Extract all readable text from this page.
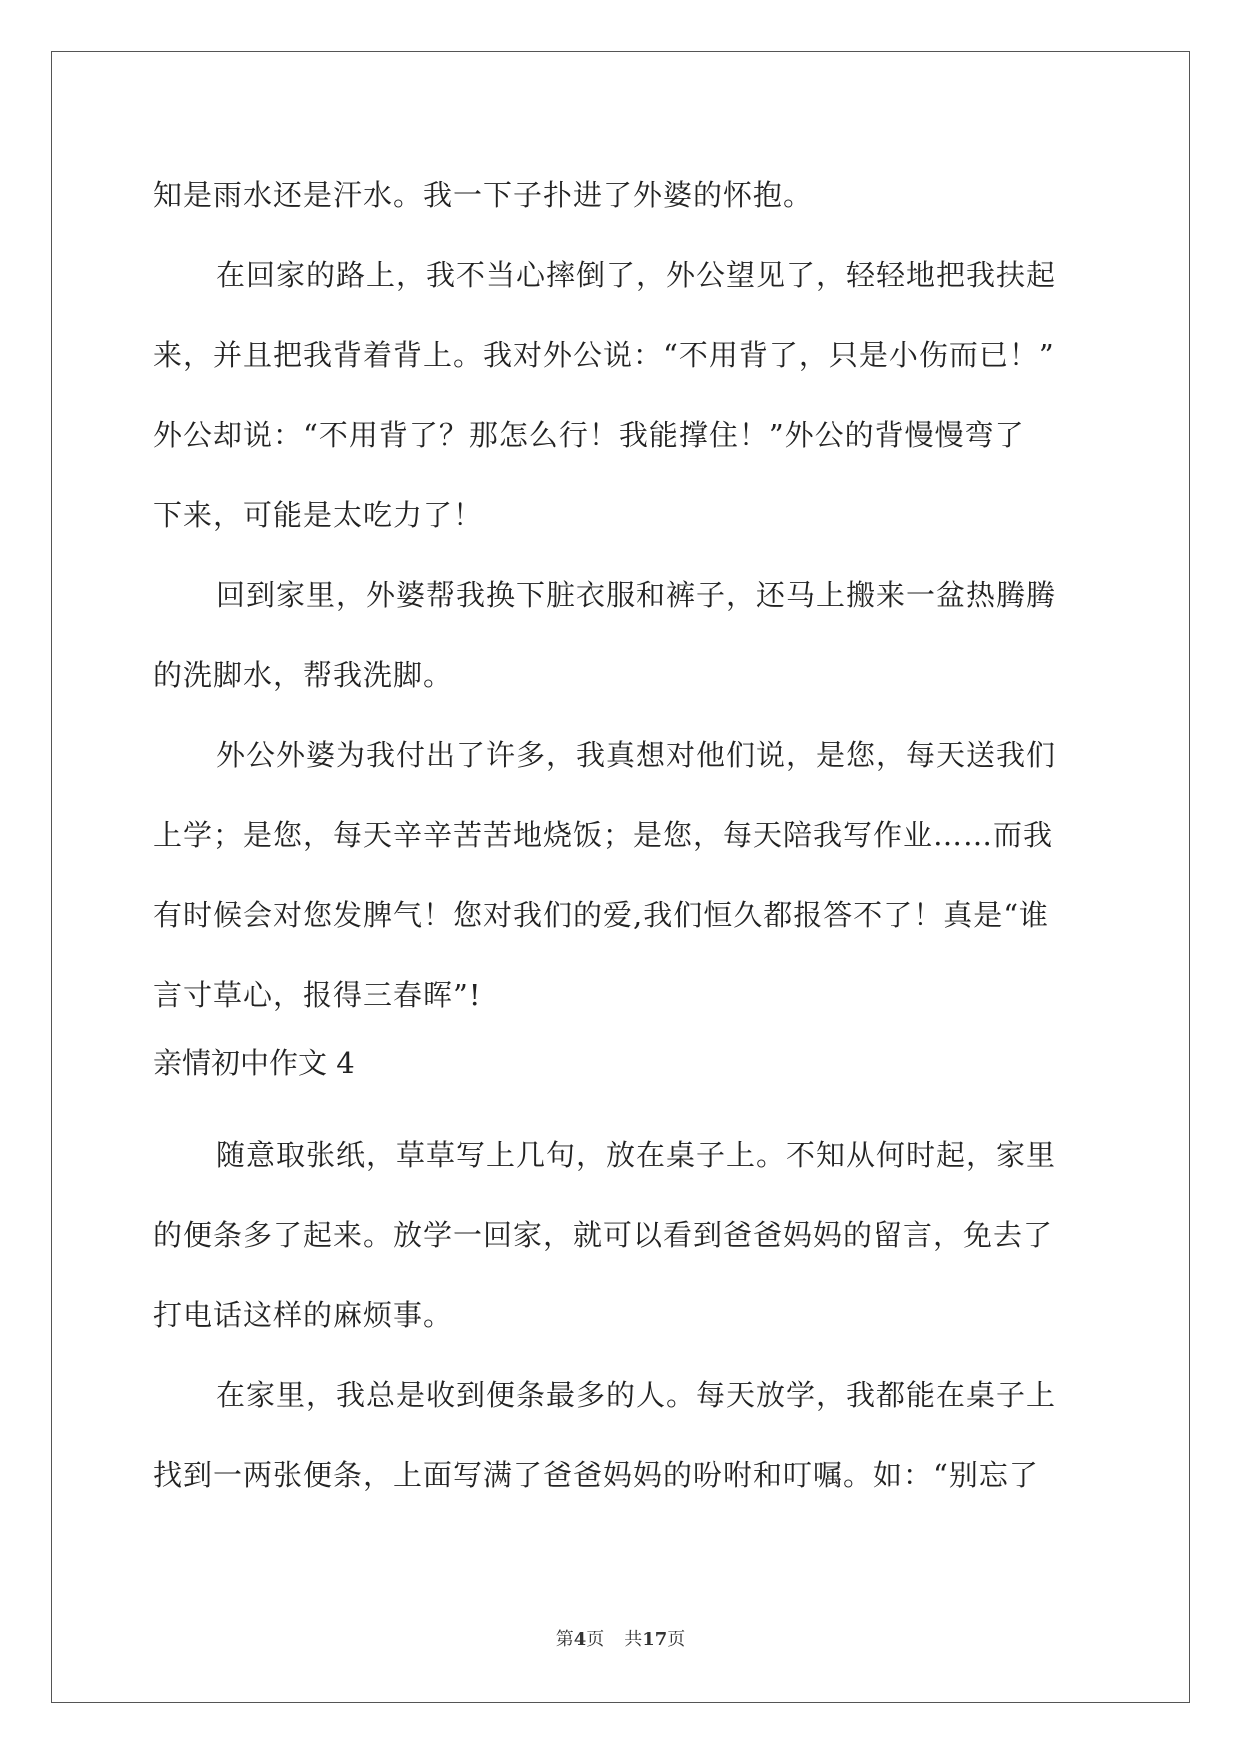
知是雨水还是汗水。我一下子扑进了外婆的怀抱。
在回家的路上，我不当心摔倒了，外公望见了，轻轻地把我扶起
来，并且把我背着背上。我对外公说：“不用背了，只是小伤而已！”
外公却说：“不用背了？那怎么行！我能撑住！”外公的背慢慢弯了
下来，可能是太吃力了！
回到家里，外婆帮我换下脏衣服和裤子，还马上搬来一盆热腾腾
的洗脚水，帮我洗脚。
外公外婆为我付出了许多，我真想对他们说，是您，每天送我们
上学；是您，每天辛辛苦苦地烧饭；是您，每天陪我写作业……而我
有时候会对您发脾气！您对我们的爱,我们恒久都报答不了！真是“谁
言寸草心，报得三春晖”!
亲情初中作文 4
随意取张纸，草草写上几句，放在桌子上。不知从何时起，家里
的便条多了起来。放学一回家，就可以看到爸爸妈妈的留言，免去了
打电话这样的麻烦事。
在家里，我总是收到便条最多的人。每天放学，我都能在桌子上
找到一两张便条，上面写满了爸爸妈妈的吩咐和叮嘱。如：“别忘了
第4页 共17页
